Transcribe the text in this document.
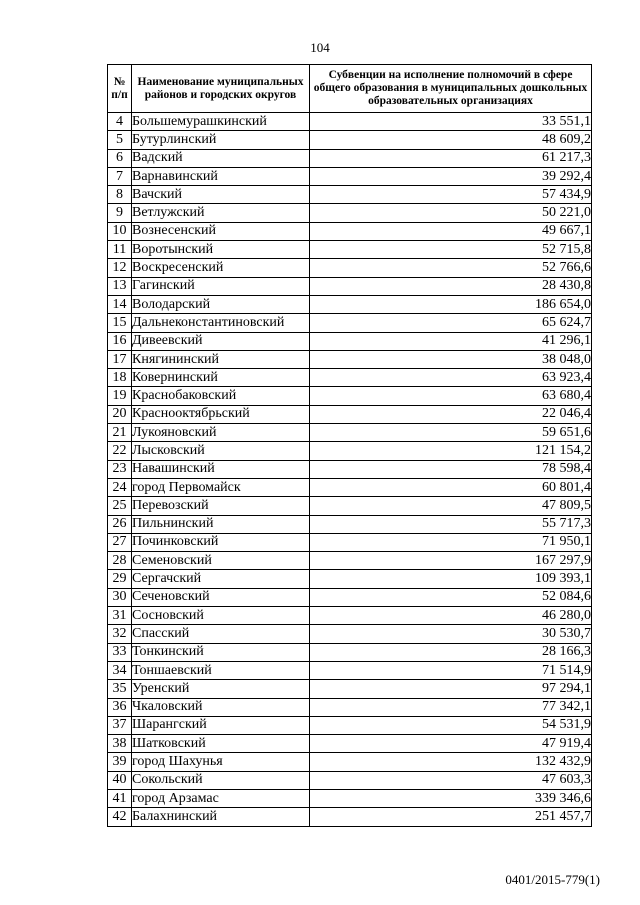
104
№ п/п	Наименование муниципальных районов и городских округов	Субвенции на исполнение полномочий в сфере общего образования в муниципальных дошкольных образовательных организациях
4	Большемурашкинский	33 551,1
5	Бутурлинский	48 609,2
6	Вадский	61 217,3
7	Варнавинский	39 292,4
8	Вачский	57 434,9
9	Ветлужский	50 221,0
10	Вознесенский	49 667,1
11	Воротынский	52 715,8
12	Воскресенский	52 766,6
13	Гагинский	28 430,8
14	Володарский	186 654,0
15	Дальнеконстантиновский	65 624,7
16	Дивеевский	41 296,1
17	Княгининский	38 048,0
18	Ковернинский	63 923,4
19	Краснобаковский	63 680,4
20	Краснооктябрьский	22 046,4
21	Лукояновский	59 651,6
22	Лысковский	121 154,2
23	Навашинский	78 598,4
24	город Первомайск	60 801,4
25	Перевозский	47 809,5
26	Пильнинский	55 717,3
27	Починковский	71 950,1
28	Семеновский	167 297,9
29	Сергачский	109 393,1
30	Сеченовский	52 084,6
31	Сосновский	46 280,0
32	Спасский	30 530,7
33	Тонкинский	28 166,3
34	Тоншаевский	71 514,9
35	Уренский	97 294,1
36	Чкаловский	77 342,1
37	Шарангский	54 531,9
38	Шатковский	47 919,4
39	город Шахунья	132 432,9
40	Сокольский	47 603,3
41	город Арзамас	339 346,6
42	Балахнинский	251 457,7
0401/2015-779(1)
